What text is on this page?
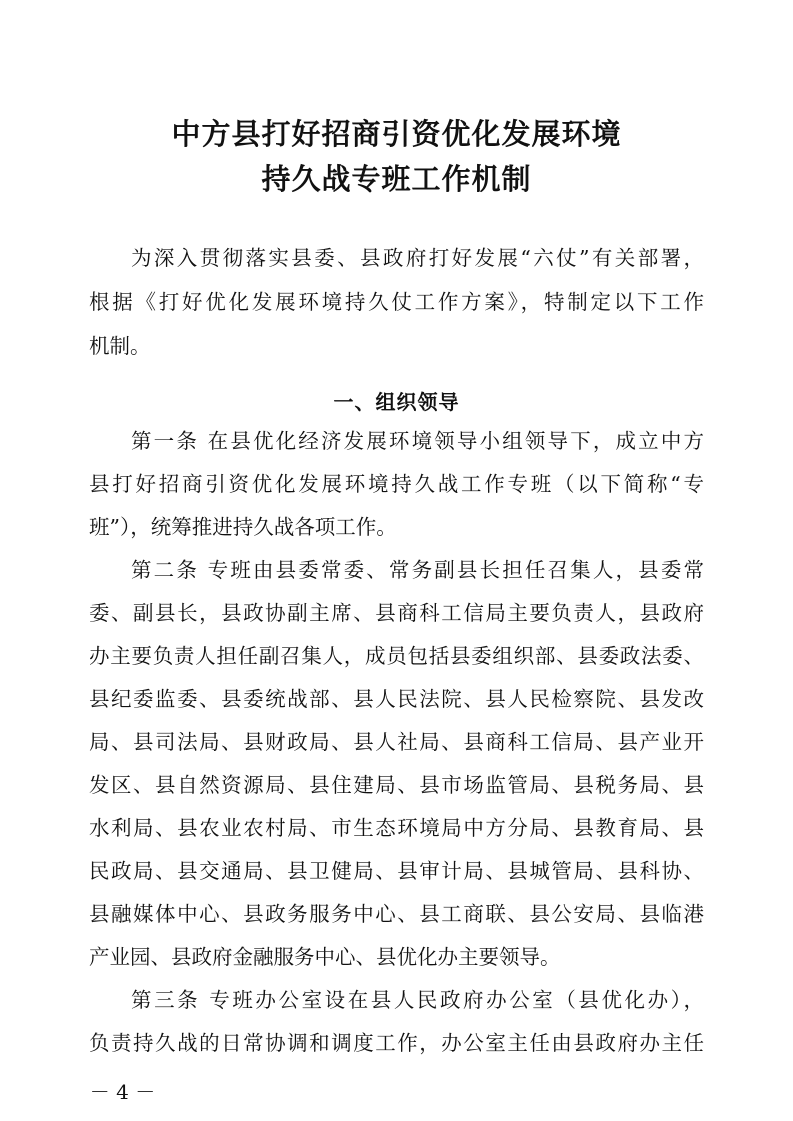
中方县打好招商引资优化发展环境
持久战专班工作机制
为深入贯彻落实县委、县政府打好发展“六仗”有关部署，
根据《打好优化发展环境持久仗工作方案》，特制定以下工作
机制。
一、组织领导
第一条 在县优化经济发展环境领导小组领导下，成立中方
县打好招商引资优化发展环境持久战工作专班（以下简称“专
班”），统筹推进持久战各项工作。
第二条 专班由县委常委、常务副县长担任召集人，县委常
委、副县长，县政协副主席、县商科工信局主要负责人，县政府
办主要负责人担任副召集人，成员包括县委组织部、县委政法委、
县纪委监委、县委统战部、县人民法院、县人民检察院、县发改
局、县司法局、县财政局、县人社局、县商科工信局、县产业开
发区、县自然资源局、县住建局、县市场监管局、县税务局、县
水利局、县农业农村局、市生态环境局中方分局、县教育局、县
民政局、县交通局、县卫健局、县审计局、县城管局、县科协、
县融媒体中心、县政务服务中心、县工商联、县公安局、县临港
产业园、县政府金融服务中心、县优化办主要领导。
第三条 专班办公室设在县人民政府办公室（县优化办），
负责持久战的日常协调和调度工作，办公室主任由县政府办主任
－ 4 －
